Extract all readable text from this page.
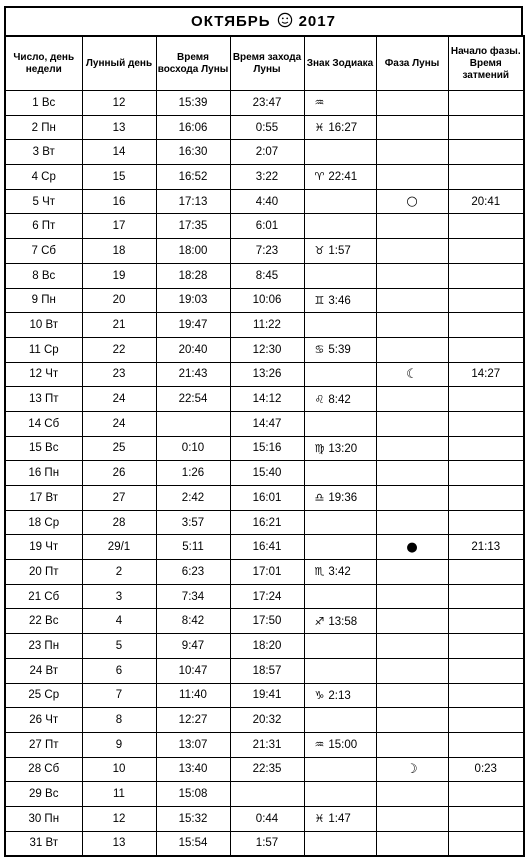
ОКТЯБРЬ 2017
Число, день недели	Лунный день	Время восхода Луны	Время захода Луны	Знак Зодиака	Фаза Луны	Начало фазы. Время затмений
1 Вс	12	15:39	23:47	♒		
2 Пн	13	16:06	0:55	♓ 16:27		
3 Вт	14	16:30	2:07			
4 Ср	15	16:52	3:22	♈ 22:41		
5 Чт	16	17:13	4:40		○	20:41
6 Пт	17	17:35	6:01			
7 Сб	18	18:00	7:23	♉ 1:57		
8 Вс	19	18:28	8:45			
9 Пн	20	19:03	10:06	♊ 3:46		
10 Вт	21	19:47	11:22			
11 Ср	22	20:40	12:30	♋ 5:39		
12 Чт	23	21:43	13:26		☾	14:27
13 Пт	24	22:54	14:12	♌ 8:42		
14 Сб	24		14:47			
15 Вс	25	0:10	15:16	♍ 13:20		
16 Пн	26	1:26	15:40			
17 Вт	27	2:42	16:01	♎ 19:36		
18 Ср	28	3:57	16:21			
19 Чт	29/1	5:11	16:41		●	21:13
20 Пт	2	6:23	17:01	♏ 3:42		
21 Сб	3	7:34	17:24			
22 Вс	4	8:42	17:50	♐ 13:58		
23 Пн	5	9:47	18:20			
24 Вт	6	10:47	18:57			
25 Ср	7	11:40	19:41	♑ 2:13		
26 Чт	8	12:27	20:32			
27 Пт	9	13:07	21:31	♒ 15:00		
28 Сб	10	13:40	22:35		☽	0:23
29 Вс	11	15:08				
30 Пн	12	15:32	0:44	♓ 1:47		
31 Вт	13	15:54	1:57			
